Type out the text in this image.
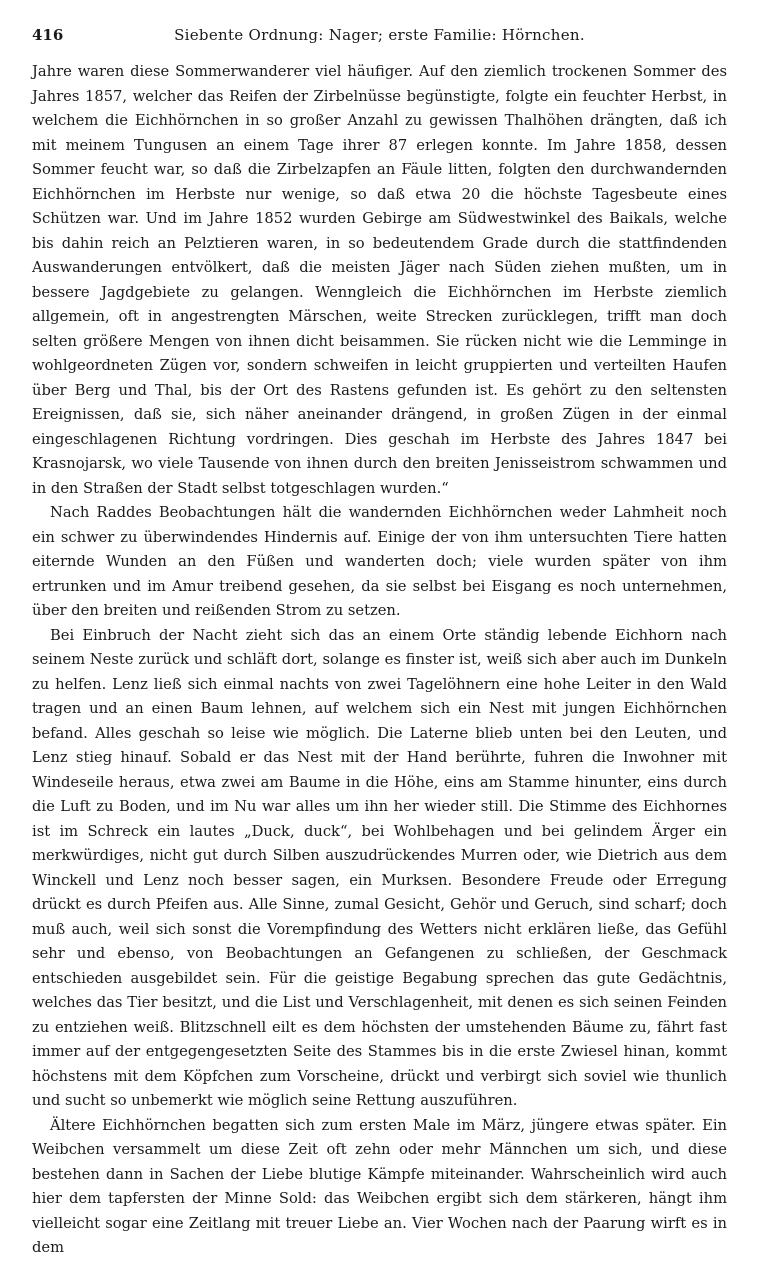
416	Siebente Ordnung: Nager; erste Familie: Hörnchen.

Jahre waren diese Sommerwanderer viel häufiger. Auf den ziemlich trockenen Sommer des Jahres 1857, welcher das Reifen der Zirbelnüsse begünstigte, folgte ein feuchter Herbst, in welchem die Eichhörnchen in so großer Anzahl zu gewissen Thalhöhen drängten, daß ich mit meinem Tungusen an einem Tage ihrer 87 erlegen konnte. Im Jahre 1858, dessen Sommer feucht war, so daß die Zirbelzapfen an Fäule litten, folgten den durchwandernden Eichhörnchen im Herbste nur wenige, so daß etwa 20 die höchste Tagesbeute eines Schützen war. Und im Jahre 1852 wurden Gebirge am Südwestwinkel des Baikals, welche bis dahin reich an Pelztieren waren, in so bedeutendem Grade durch die stattfindenden Auswanderungen entvölkert, daß die meisten Jäger nach Süden ziehen mußten, um in bessere Jagdgebiete zu gelangen. Wenngleich die Eichhörnchen im Herbste ziemlich allgemein, oft in angestrengten Märschen, weite Strecken zurücklegen, trifft man doch selten größere Mengen von ihnen dicht beisammen. Sie rücken nicht wie die Lemminge in wohlgeordneten Zügen vor, sondern schweifen in leicht gruppierten und verteilten Haufen über Berg und Thal, bis der Ort des Rastens gefunden ist. Es gehört zu den seltensten Ereignissen, daß sie, sich näher aneinander drängend, in großen Zügen in der einmal eingeschlagenen Richtung vordringen. Dies geschah im Herbste des Jahres 1847 bei Krasnojarsk, wo viele Tausende von ihnen durch den breiten Jenisseistrom schwammen und in den Straßen der Stadt selbst totgeschlagen wurden.“

Nach Raddes Beobachtungen hält die wandernden Eichhörnchen weder Lahmheit noch ein schwer zu überwindendes Hindernis auf. Einige der von ihm untersuchten Tiere hatten eiternde Wunden an den Füßen und wanderten doch; viele wurden später von ihm ertrunken und im Amur treibend gesehen, da sie selbst bei Eisgang es noch unternehmen, über den breiten und reißenden Strom zu setzen.

Bei Einbruch der Nacht zieht sich das an einem Orte ständig lebende Eichhorn nach seinem Neste zurück und schläft dort, solange es finster ist, weiß sich aber auch im Dunkeln zu helfen. Lenz ließ sich einmal nachts von zwei Tagelöhnern eine hohe Leiter in den Wald tragen und an einen Baum lehnen, auf welchem sich ein Nest mit jungen Eichhörnchen befand. Alles geschah so leise wie möglich. Die Laterne blieb unten bei den Leuten, und Lenz stieg hinauf. Sobald er das Nest mit der Hand berührte, fuhren die Inwohner mit Windeseile heraus, etwa zwei am Baume in die Höhe, eins am Stamme hinunter, eins durch die Luft zu Boden, und im Nu war alles um ihn her wieder still. Die Stimme des Eichhornes ist im Schreck ein lautes „Duck, duck“, bei Wohlbehagen und bei gelindem Ärger ein merkwürdiges, nicht gut durch Silben auszudrückendes Murren oder, wie Dietrich aus dem Winckell und Lenz noch besser sagen, ein Murksen. Besondere Freude oder Erregung drückt es durch Pfeifen aus. Alle Sinne, zumal Gesicht, Gehör und Geruch, sind scharf; doch muß auch, weil sich sonst die Vorempfindung des Wetters nicht erklären ließe, das Gefühl sehr und ebenso, von Beobachtungen an Gefangenen zu schließen, der Geschmack entschieden ausgebildet sein. Für die geistige Begabung sprechen das gute Gedächtnis, welches das Tier besitzt, und die List und Verschlagenheit, mit denen es sich seinen Feinden zu entziehen weiß. Blitzschnell eilt es dem höchsten der umstehenden Bäume zu, fährt fast immer auf der entgegengesetzten Seite des Stammes bis in die erste Zwiesel hinan, kommt höchstens mit dem Köpfchen zum Vorscheine, drückt und verbirgt sich soviel wie thunlich und sucht so unbemerkt wie möglich seine Rettung auszuführen.

Ältere Eichhörnchen begatten sich zum ersten Male im März, jüngere etwas später. Ein Weibchen versammelt um diese Zeit oft zehn oder mehr Männchen um sich, und diese bestehen dann in Sachen der Liebe blutige Kämpfe miteinander. Wahrscheinlich wird auch hier dem tapfersten der Minne Sold: das Weibchen ergibt sich dem stärkeren, hängt ihm vielleicht sogar eine Zeitlang mit treuer Liebe an. Vier Wochen nach der Paarung wirft es in dem
